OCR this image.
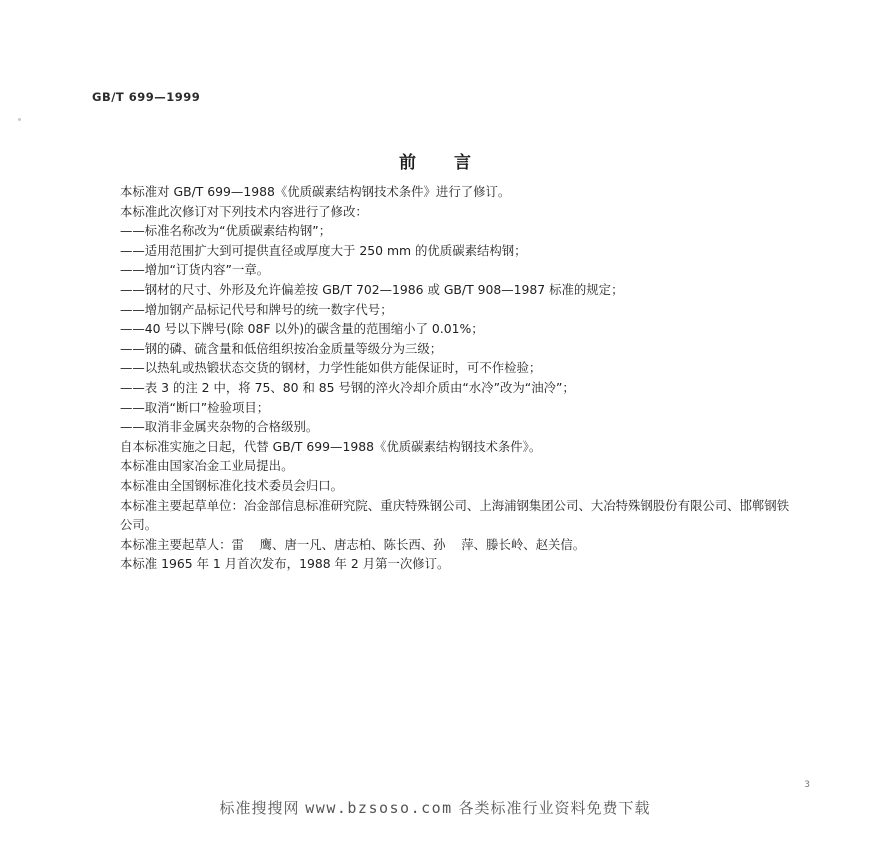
GB/T 699—1999
前 言

本标准对 GB/T 699—1988《优质碳素结构钢技术条件》进行了修订。

本标准此次修订对下列技术内容进行了修改：

——标准名称改为“优质碳素结构钢”；

——适用范围扩大到可提供直径或厚度大于 250 mm 的优质碳素结构钢；

——增加“订货内容”一章。

——钢材的尺寸、外形及允许偏差按 GB/T 702—1986 或 GB/T 908—1987 标准的规定；

——增加钢产品标记代号和牌号的统一数字代号；

——40 号以下牌号(除 08F 以外)的碳含量的范围缩小了 0.01%；

——钢的磷、硫含量和低倍组织按冶金质量等级分为三级；

——以热轧或热锻状态交货的钢材，力学性能如供方能保证时，可不作检验；

——表 3 的注 2 中，将 75、80 和 85 号钢的淬火冷却介质由“水冷”改为“油冷”；

——取消“断口”检验项目；

——取消非金属夹杂物的合格级别。

自本标准实施之日起，代替 GB/T 699—1988《优质碳素结构钢技术条件》。

本标准由国家冶金工业局提出。

本标准由全国钢标准化技术委员会归口。

本标准主要起草单位：冶金部信息标准研究院、重庆特殊钢公司、上海浦钢集团公司、大冶特殊钢股份有限公司、邯郸钢铁公司。

本标准主要起草人：雷    鹰、唐一凡、唐志柏、陈长西、孙    萍、滕长岭、赵关信。

本标准 1965 年 1 月首次发布，1988 年 2 月第一次修订。

3
标准搜搜网 www.bzsoso.com 各类标准行业资料免费下载
